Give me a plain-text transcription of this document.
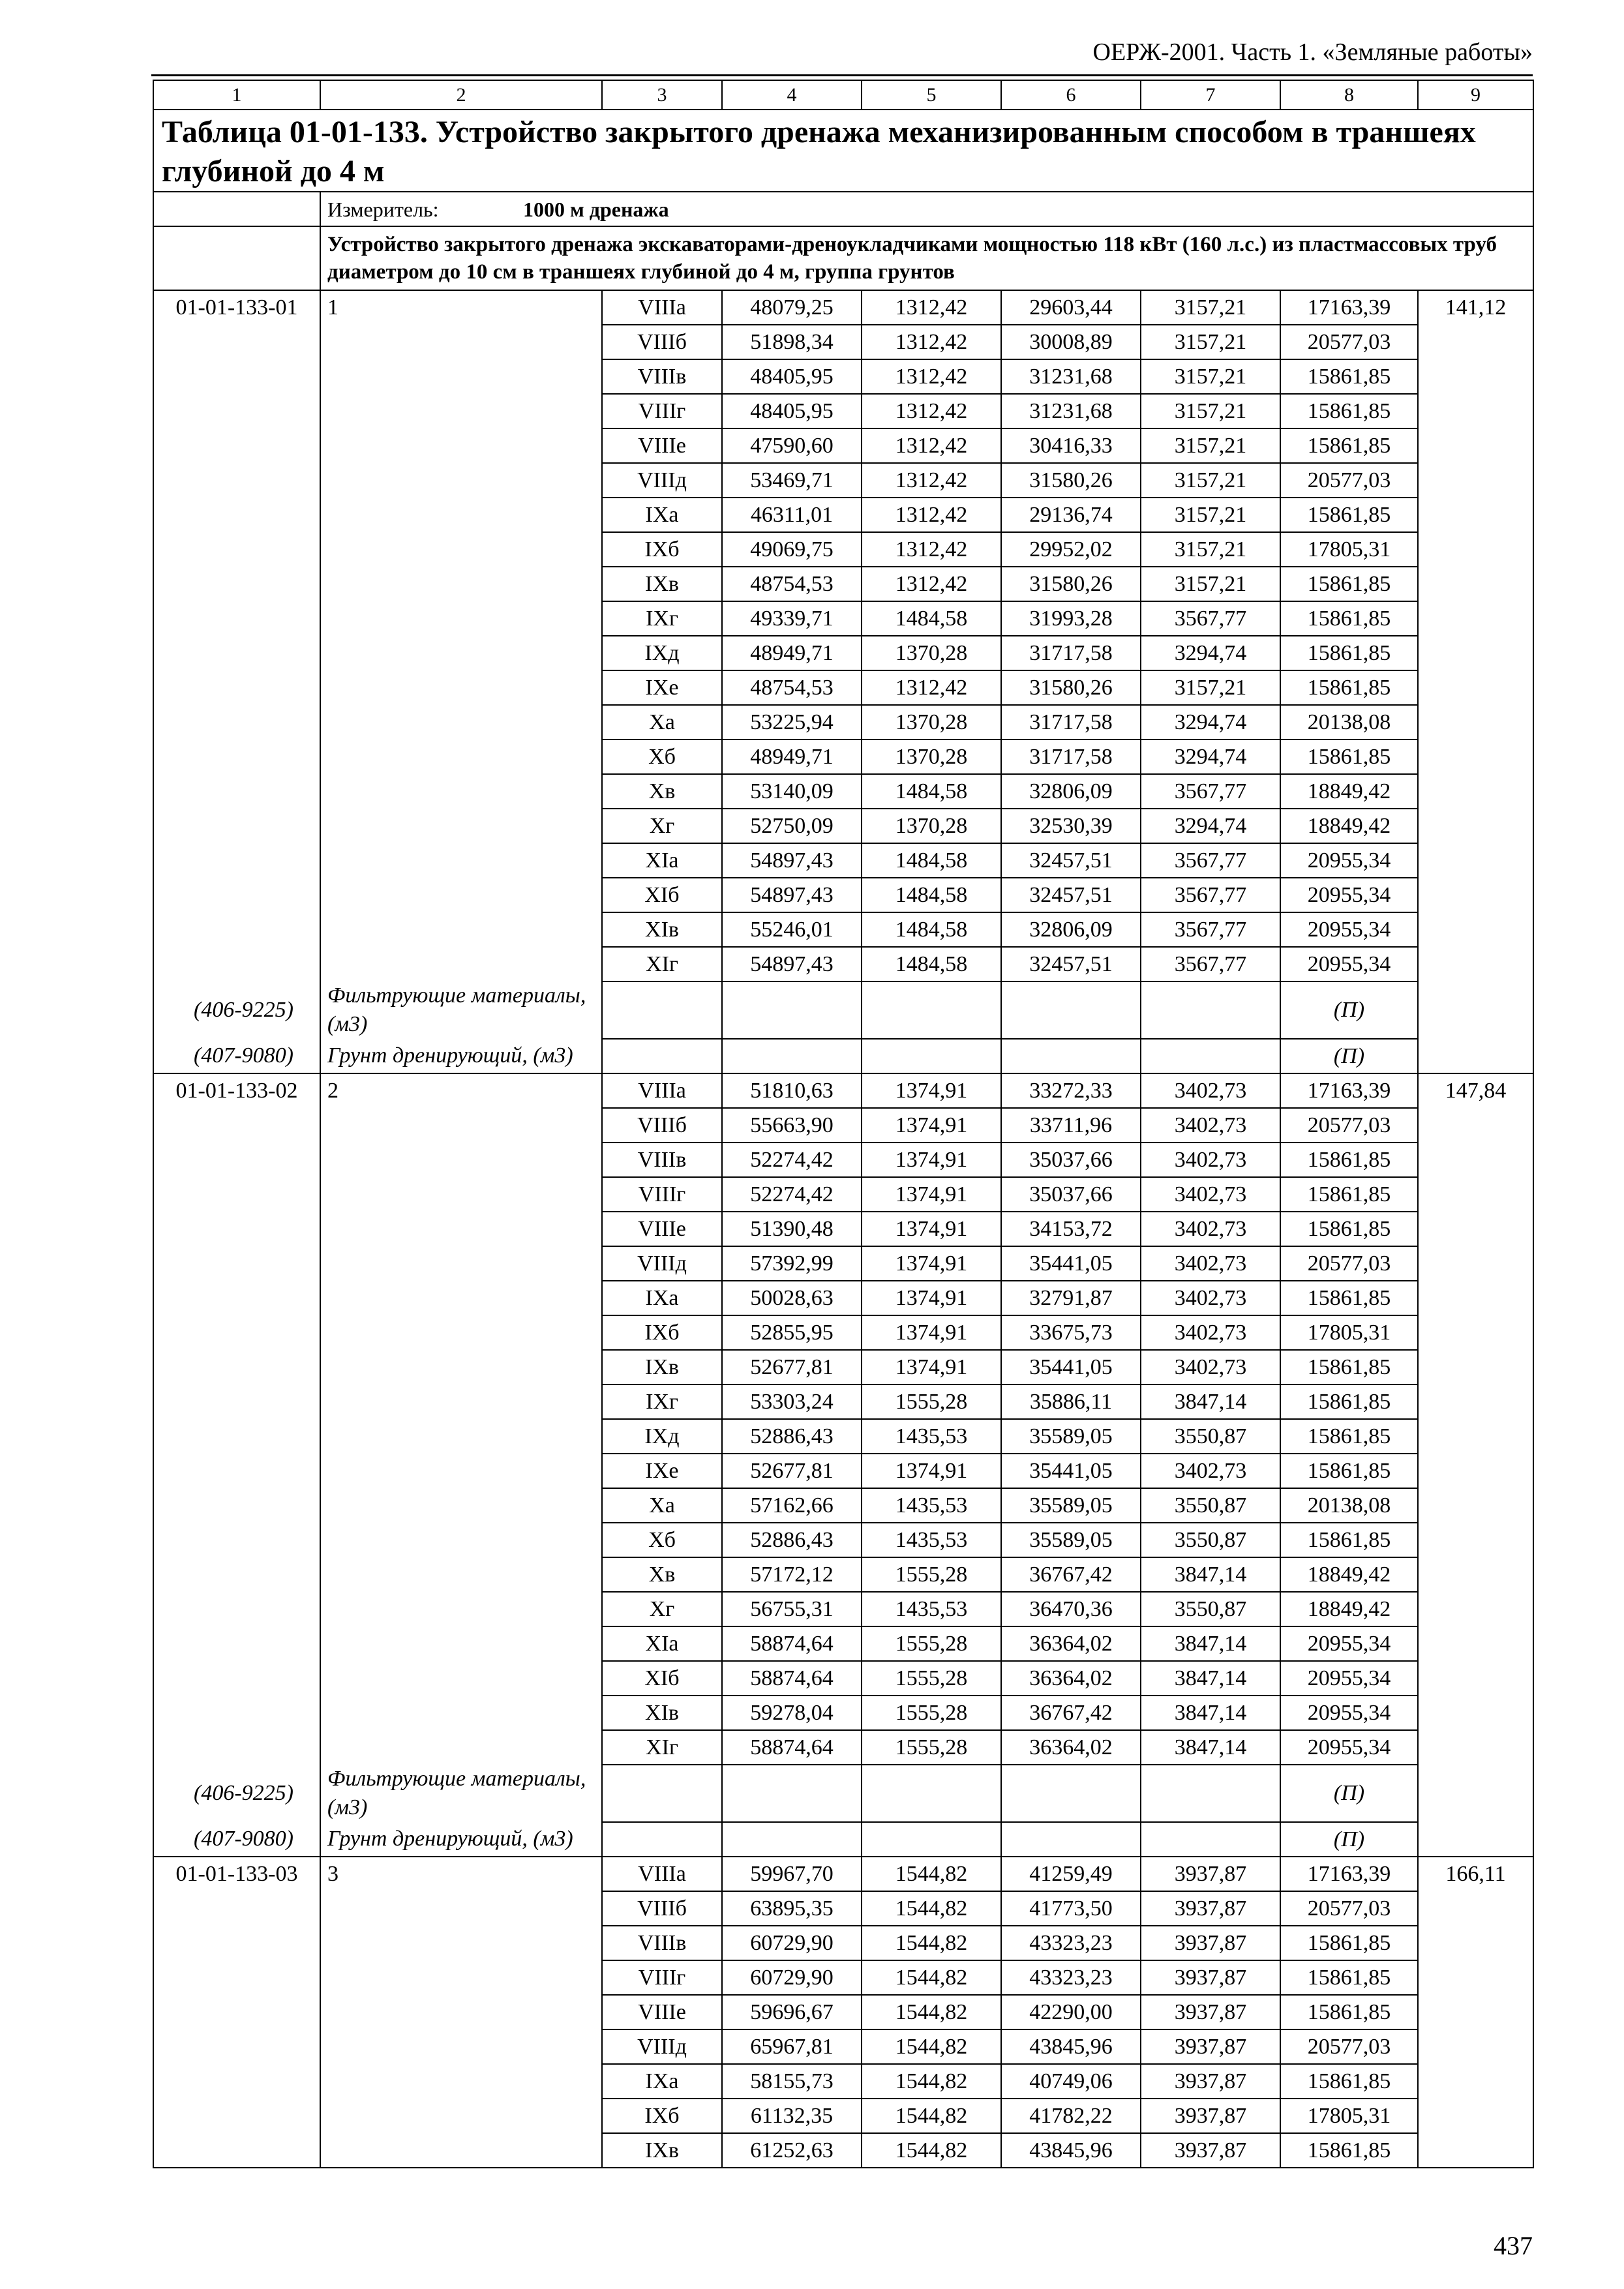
ОЕРЖ-2001. Часть 1. «Земляные работы»
1	2	3	4	5	6	7	8	9
Таблица 01-01-133. Устройство закрытого дренажа механизированным способом в траншеях глубиной до 4 м								
	Измеритель: 1000 м дренажа							
	Устройство закрытого дренажа экскаваторами-дреноукладчиками мощностью 118 кВт (160 л.с.) из пластмассовых труб диаметром до 10 см в траншеях глубиной до 4 м, группа грунтов							
01-01-133-01	1	VIIIа	48079,25	1312,42	29603,44	3157,21	17163,39	141,12
		VIIIб	51898,34	1312,42	30008,89	3157,21	20577,03	
		VIIIв	48405,95	1312,42	31231,68	3157,21	15861,85	
		VIIIг	48405,95	1312,42	31231,68	3157,21	15861,85	
		VIIIе	47590,60	1312,42	30416,33	3157,21	15861,85	
		VIIIд	53469,71	1312,42	31580,26	3157,21	20577,03	
		IXа	46311,01	1312,42	29136,74	3157,21	15861,85	
		IXб	49069,75	1312,42	29952,02	3157,21	17805,31	
		IXв	48754,53	1312,42	31580,26	3157,21	15861,85	
		IXг	49339,71	1484,58	31993,28	3567,77	15861,85	
		IXд	48949,71	1370,28	31717,58	3294,74	15861,85	
		IXе	48754,53	1312,42	31580,26	3157,21	15861,85	
		Xа	53225,94	1370,28	31717,58	3294,74	20138,08	
		Xб	48949,71	1370,28	31717,58	3294,74	15861,85	
		Xв	53140,09	1484,58	32806,09	3567,77	18849,42	
		Xг	52750,09	1370,28	32530,39	3294,74	18849,42	
		XIа	54897,43	1484,58	32457,51	3567,77	20955,34	
		XIб	54897,43	1484,58	32457,51	3567,77	20955,34	
		XIв	55246,01	1484,58	32806,09	3567,77	20955,34	
		XIг	54897,43	1484,58	32457,51	3567,77	20955,34	
(406-9225)	Фильтрующие материалы, (м3)						(П)	
(407-9080)	Грунт дренирующий, (м3)						(П)	
01-01-133-02	2	VIIIа	51810,63	1374,91	33272,33	3402,73	17163,39	147,84
		VIIIб	55663,90	1374,91	33711,96	3402,73	20577,03	
		VIIIв	52274,42	1374,91	35037,66	3402,73	15861,85	
		VIIIг	52274,42	1374,91	35037,66	3402,73	15861,85	
		VIIIе	51390,48	1374,91	34153,72	3402,73	15861,85	
		VIIIд	57392,99	1374,91	35441,05	3402,73	20577,03	
		IXа	50028,63	1374,91	32791,87	3402,73	15861,85	
		IXб	52855,95	1374,91	33675,73	3402,73	17805,31	
		IXв	52677,81	1374,91	35441,05	3402,73	15861,85	
		IXг	53303,24	1555,28	35886,11	3847,14	15861,85	
		IXд	52886,43	1435,53	35589,05	3550,87	15861,85	
		IXе	52677,81	1374,91	35441,05	3402,73	15861,85	
		Xа	57162,66	1435,53	35589,05	3550,87	20138,08	
		Xб	52886,43	1435,53	35589,05	3550,87	15861,85	
		Xв	57172,12	1555,28	36767,42	3847,14	18849,42	
		Xг	56755,31	1435,53	36470,36	3550,87	18849,42	
		XIа	58874,64	1555,28	36364,02	3847,14	20955,34	
		XIб	58874,64	1555,28	36364,02	3847,14	20955,34	
		XIв	59278,04	1555,28	36767,42	3847,14	20955,34	
		XIг	58874,64	1555,28	36364,02	3847,14	20955,34	
(406-9225)	Фильтрующие материалы, (м3)						(П)	
(407-9080)	Грунт дренирующий, (м3)						(П)	
01-01-133-03	3	VIIIа	59967,70	1544,82	41259,49	3937,87	17163,39	166,11
		VIIIб	63895,35	1544,82	41773,50	3937,87	20577,03	
		VIIIв	60729,90	1544,82	43323,23	3937,87	15861,85	
		VIIIг	60729,90	1544,82	43323,23	3937,87	15861,85	
		VIIIе	59696,67	1544,82	42290,00	3937,87	15861,85	
		VIIIд	65967,81	1544,82	43845,96	3937,87	20577,03	
		IXа	58155,73	1544,82	40749,06	3937,87	15861,85	
		IXб	61132,35	1544,82	41782,22	3937,87	17805,31	
		IXв	61252,63	1544,82	43845,96	3937,87	15861,85	
437
